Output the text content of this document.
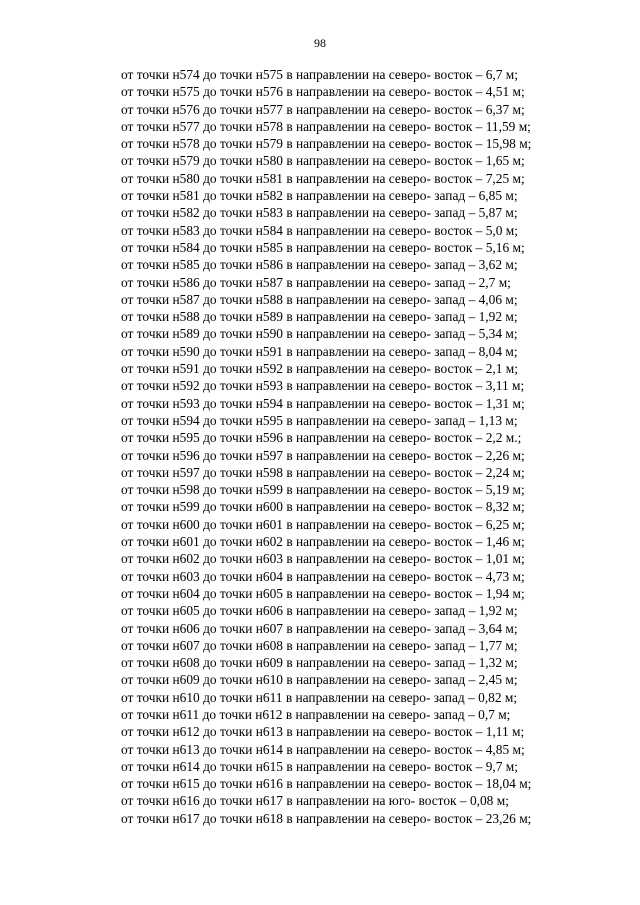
98
от точки н574 до точки н575 в направлении на северо- восток – 6,7 м;
от точки н575 до точки н576 в направлении на северо- восток – 4,51 м;
от точки н576 до точки н577 в направлении на северо- восток – 6,37 м;
от точки н577 до точки н578 в направлении на северо- восток – 11,59 м;
от точки н578 до точки н579 в направлении на северо- восток – 15,98 м;
от точки н579 до точки н580 в направлении на северо- восток – 1,65 м;
от точки н580 до точки н581 в направлении на северо- восток – 7,25 м;
от точки н581 до точки н582 в направлении на северо- запад – 6,85 м;
от точки н582 до точки н583 в направлении на северо- запад – 5,87 м;
от точки н583 до точки н584 в направлении на северо- восток – 5,0 м;
от точки н584 до точки н585 в направлении на северо- восток – 5,16 м;
от точки н585 до точки н586 в направлении на северо- запад – 3,62 м;
от точки н586 до точки н587 в направлении на северо- запад – 2,7 м;
от точки н587 до точки н588 в направлении на северо- запад – 4,06 м;
от точки н588 до точки н589 в направлении на северо- запад – 1,92 м;
от точки н589 до точки н590 в направлении на северо- запад – 5,34 м;
от точки н590 до точки н591 в направлении на северо- запад – 8,04 м;
от точки н591 до точки н592 в направлении на северо- восток – 2,1 м;
от точки н592 до точки н593 в направлении на северо- восток – 3,11 м;
от точки н593 до точки н594 в направлении на северо- восток – 1,31 м;
от точки н594 до точки н595 в направлении на северо- запад – 1,13 м;
от точки н595 до точки н596 в направлении на северо- восток – 2,2 м.;
от точки н596 до точки н597 в направлении на северо- восток – 2,26 м;
от точки н597 до точки н598 в направлении на северо- восток – 2,24 м;
от точки н598 до точки н599 в направлении на северо- восток – 5,19 м;
от точки н599 до точки н600 в направлении на северо- восток – 8,32 м;
от точки н600 до точки н601 в направлении на северо- восток – 6,25 м;
от точки н601 до точки н602 в направлении на северо- восток – 1,46 м;
от точки н602 до точки н603 в направлении на северо- восток – 1,01 м;
от точки н603 до точки н604 в направлении на северо- восток – 4,73 м;
от точки н604 до точки н605 в направлении на северо- восток – 1,94 м;
от точки н605 до точки н606 в направлении на северо- запад – 1,92 м;
от точки н606 до точки н607 в направлении на северо- запад – 3,64 м;
от точки н607 до точки н608 в направлении на северо- запад – 1,77 м;
от точки н608 до точки н609 в направлении на северо- запад – 1,32 м;
от точки н609 до точки н610 в направлении на северо- запад – 2,45 м;
от точки н610 до точки н611 в направлении на северо- запад – 0,82 м;
от точки н611 до точки н612 в направлении на северо- запад – 0,7 м;
от точки н612 до точки н613 в направлении на северо- восток – 1,11 м;
от точки н613 до точки н614 в направлении на северо- восток – 4,85 м;
от точки н614 до точки н615 в направлении на северо- восток – 9,7 м;
от точки н615 до точки н616 в направлении на северо- восток – 18,04 м;
от точки н616 до точки н617 в направлении на юго- восток – 0,08 м;
от точки н617 до точки н618 в направлении на северо- восток – 23,26 м;
